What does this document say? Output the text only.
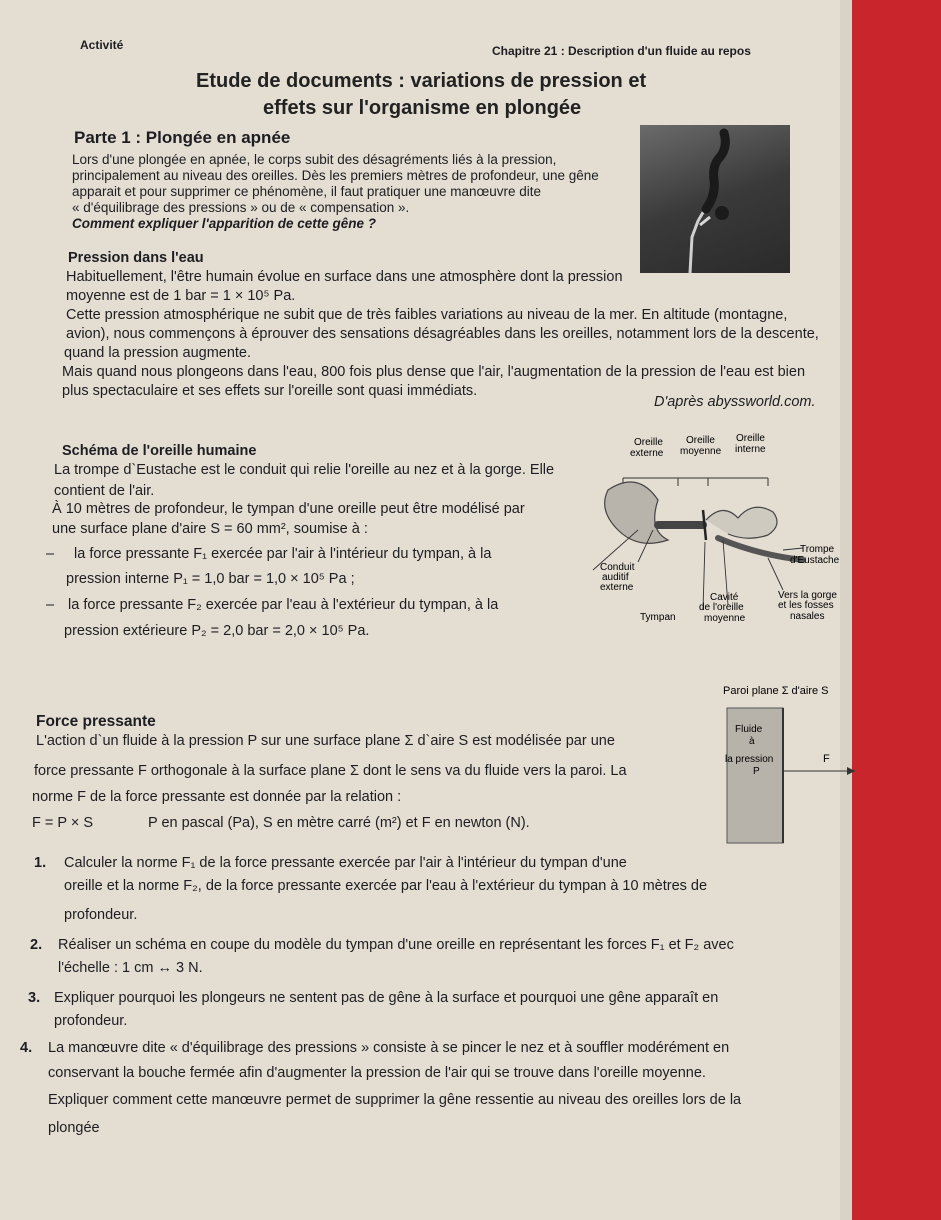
Activité	Chapitre 21 : Description d'un fluide au repos
Etude de documents : variations de pression et
effets sur l'organisme en plongée
Parte 1 : Plongée en apnée
Lors d'une plongée en apnée, le corps subit des désagréments liés à la pression,
principalement au niveau des oreilles. Dès les premiers mètres de profondeur, une gêne
apparait et pour supprimer ce phénomène, il faut pratiquer une manœuvre dite
« d'équilibrage des pressions » ou de « compensation ».
Comment expliquer l'apparition de cette gêne ?
Pression dans l'eau
Habituellement, l'être humain évolue en surface dans une atmosphère dont la pression
moyenne est de 1 bar = 1 × 10⁵ Pa.
Cette pression atmosphérique ne subit que de très faibles variations au niveau de la mer. En altitude (montagne,
avion), nous commençons à éprouver des sensations désagréables dans les oreilles, notamment lors de la descente,
quand la pression augmente.
Mais quand nous plongeons dans l'eau, 800 fois plus dense que l'air, l'augmentation de la pression de l'eau est bien
plus spectaculaire et ses effets sur l'oreille sont quasi immédiats.
D'après abyssworld.com.
Schéma de l'oreille humaine
La trompe d`Eustache est le conduit qui relie l'oreille au nez et à la gorge. Elle
contient de l'air.
À 10 mètres de profondeur, le tympan d'une oreille peut être modélisé par
une surface plane d'aire S = 60 mm², soumise à :
– la force pressante F₁ exercée par l'air à l'intérieur du tympan, à la
pression interne P₁ = 1,0 bar = 1,0 × 10⁵ Pa ;
– la force pressante F₂ exercée par l'eau à l'extérieur du tympan, à la
pression extérieure P₂ = 2,0 bar = 2,0 × 10⁵ Pa.
Oreille
externe
Oreille
moyenne
Oreille
interne
Conduit
auditif
externe
Trompe
d'Eustache
Cavité
de l'oreille
moyenne
Vers la gorge
et les fosses
nasales
Tympan
Force pressante
L'action d`un fluide à la pression P sur une surface plane Σ d`aire S est modélisée par une
force pressante F orthogonale à la surface plane Σ dont le sens va du fluide vers la paroi. La
norme F de la force pressante est donnée par la relation :
F = P × S	P en pascal (Pa), S en mètre carré (m²) et F en newton (N).
Paroi plane Σ d'aire S
Fluide
à
la pression
P
F
1. Calculer la norme F₁ de la force pressante exercée par l'air à l'intérieur du tympan d'une
oreille et la norme F₂, de la force pressante exercée par l'eau à l'extérieur du tympan à 10 mètres de
profondeur.
2. Réaliser un schéma en coupe du modèle du tympan d'une oreille en représentant les forces F₁ et F₂ avec
l'échelle : 1 cm ↔ 3 N.
3. Expliquer pourquoi les plongeurs ne sentent pas de gêne à la surface et pourquoi une gêne apparaît en
profondeur.
4. La manœuvre dite « d'équilibrage des pressions » consiste à se pincer le nez et à souffler modérément en
conservant la bouche fermée afin d'augmenter la pression de l'air qui se trouve dans l'oreille moyenne.
Expliquer comment cette manœuvre permet de supprimer la gêne ressentie au niveau des oreilles lors de la
plongée
